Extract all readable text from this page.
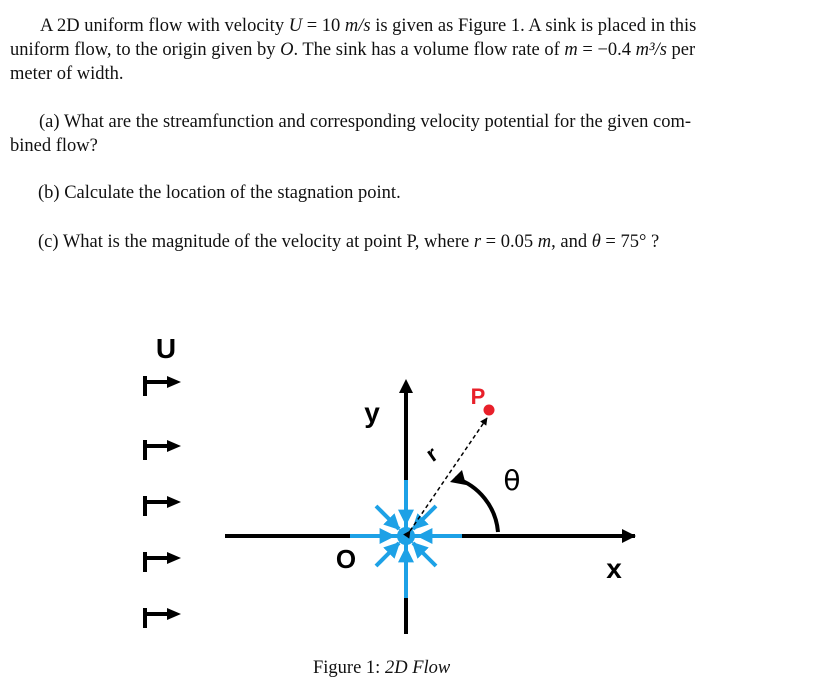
A 2D uniform flow with velocity U = 10 m/s is given as Figure 1. A sink is placed in this
uniform flow, to the origin given by O. The sink has a volume flow rate of m = −0.4 m³/s per
meter of width.
(a) What are the streamfunction and corresponding velocity potential for the given com-
bined flow?
(b) Calculate the location of the stagnation point.
(c) What is the magnitude of the velocity at point P, where r = 0.05 m, and θ = 75° ?
U
y
x
O
P
r
θ
Figure 1: 2D Flow
